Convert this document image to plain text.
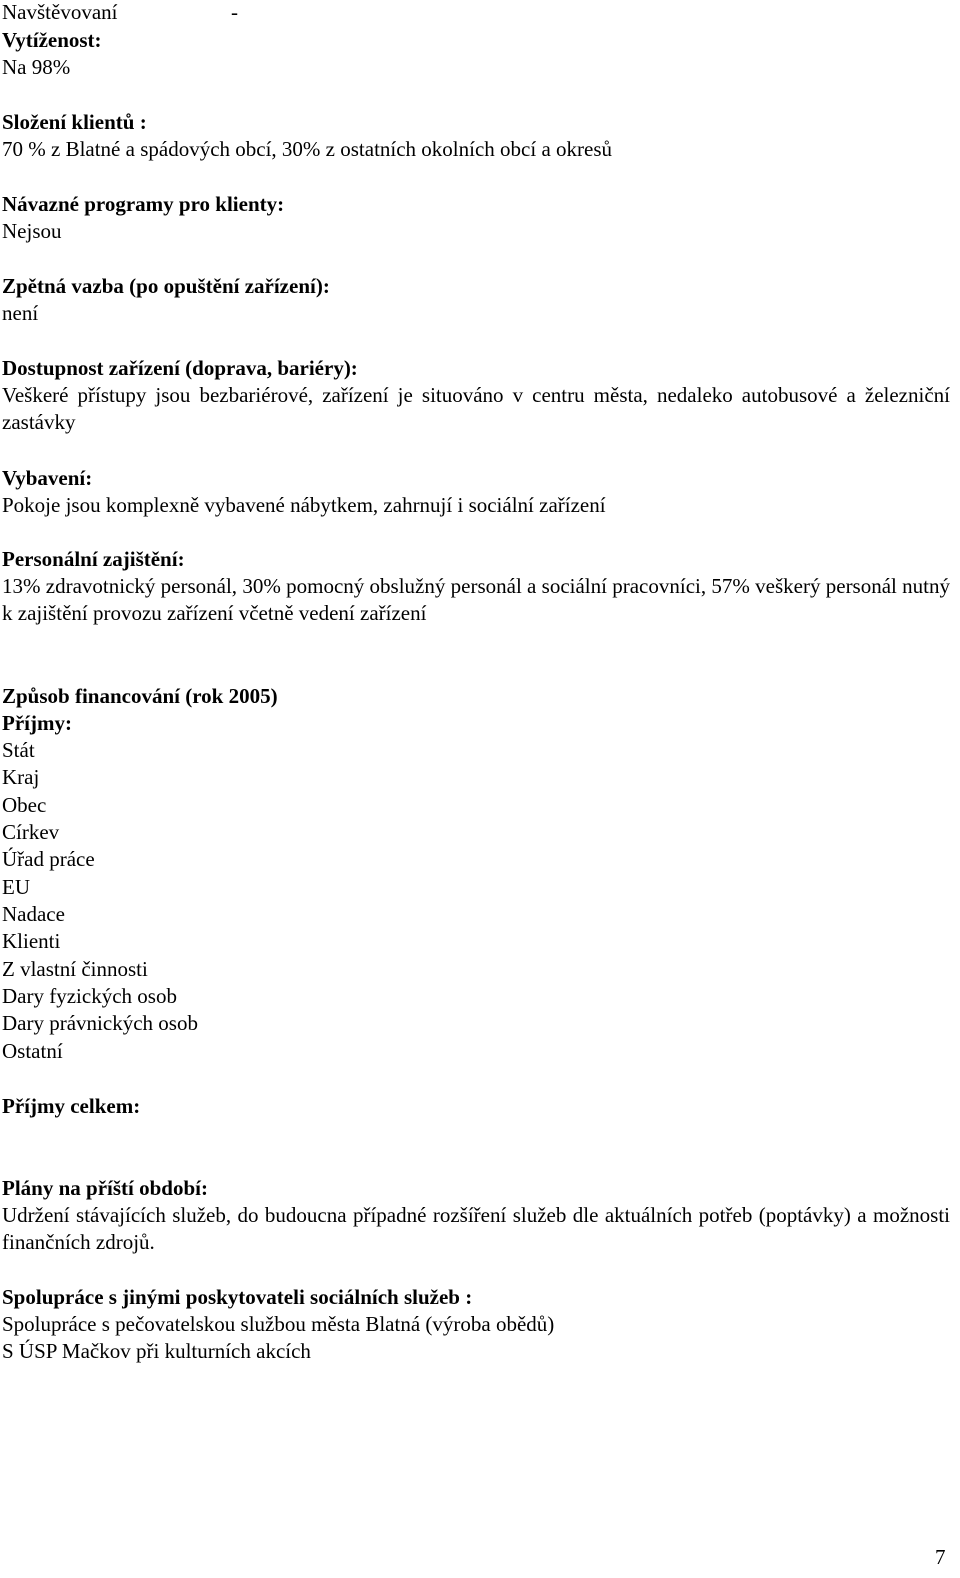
Navštěvovaní	-
Vytíženost:
Na 98%
Složení klientů :
70 % z Blatné a spádových obcí, 30% z ostatních okolních obcí a okresů
Návazné programy pro klienty:
Nejsou
Zpětná vazba (po opuštění zařízení):
není
Dostupnost zařízení (doprava, bariéry):
Veškeré přístupy jsou bezbariérové, zařízení je situováno v centru města, nedaleko autobusové a železniční zastávky
Vybavení:
Pokoje jsou komplexně vybavené nábytkem, zahrnují i sociální zařízení
Personální zajištění:
13% zdravotnický personál, 30% pomocný obslužný personál a sociální pracovníci, 57% veškerý personál nutný k zajištění provozu zařízení včetně vedení zařízení
Způsob financování (rok 2005)
Příjmy:
Stát
Kraj
Obec
Církev
Úřad práce
EU
Nadace
Klienti
Z vlastní činnosti
Dary fyzických osob
Dary právnických osob
Ostatní
Příjmy celkem:
Plány na příští období:
Udržení stávajících služeb, do budoucna případné rozšíření služeb dle aktuálních potřeb (poptávky) a možnosti finančních zdrojů.
Spolupráce s jinými poskytovateli sociálních služeb :
Spolupráce s pečovatelskou službou města Blatná (výroba obědů)
S ÚSP Mačkov při kulturních akcích
7
